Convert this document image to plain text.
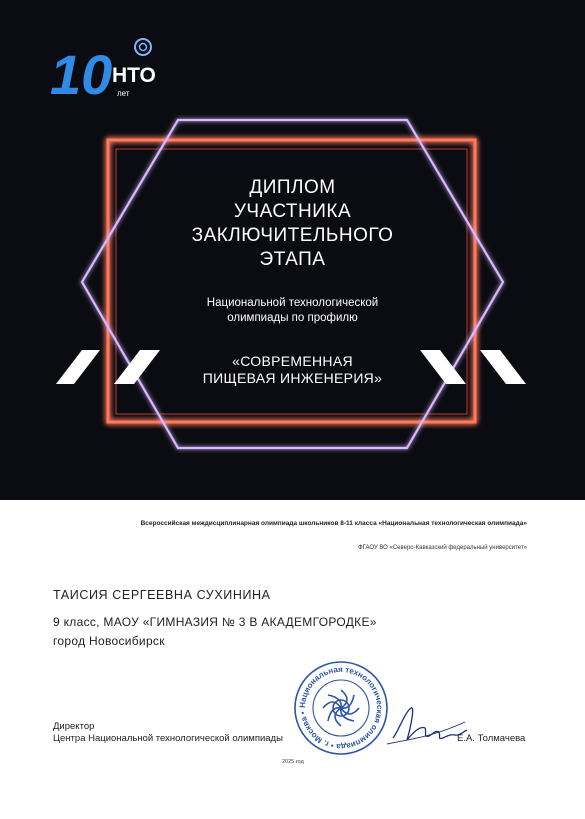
10 НТО
лет
ДИПЛОМ
УЧАСТНИКА
ЗАКЛЮЧИТЕЛЬНОГО
ЭТАПА
Национальной технологической
олимпиады по профилю
«СОВРЕМЕННАЯ
ПИЩЕВАЯ ИНЖЕНЕРИЯ»
Всероссийская междисциплинарная олимпиада школьников 8-11 класса «Национальная технологическая олимпиада»
ФГАОУ ВО «Северо-Кавказский федеральный университет»
ТАИСИЯ СЕРГЕЕВНА СУХИНИНА
9 класс, МАОУ «ГИМНАЗИЯ № 3 В АКАДЕМГОРОДКЕ»
город Новосибирск
Национальная технологическая олимпиада • г. Москва •
Директор
Центра Национальной технологической олимпиады	Е.А. Толмачева
2025 год
